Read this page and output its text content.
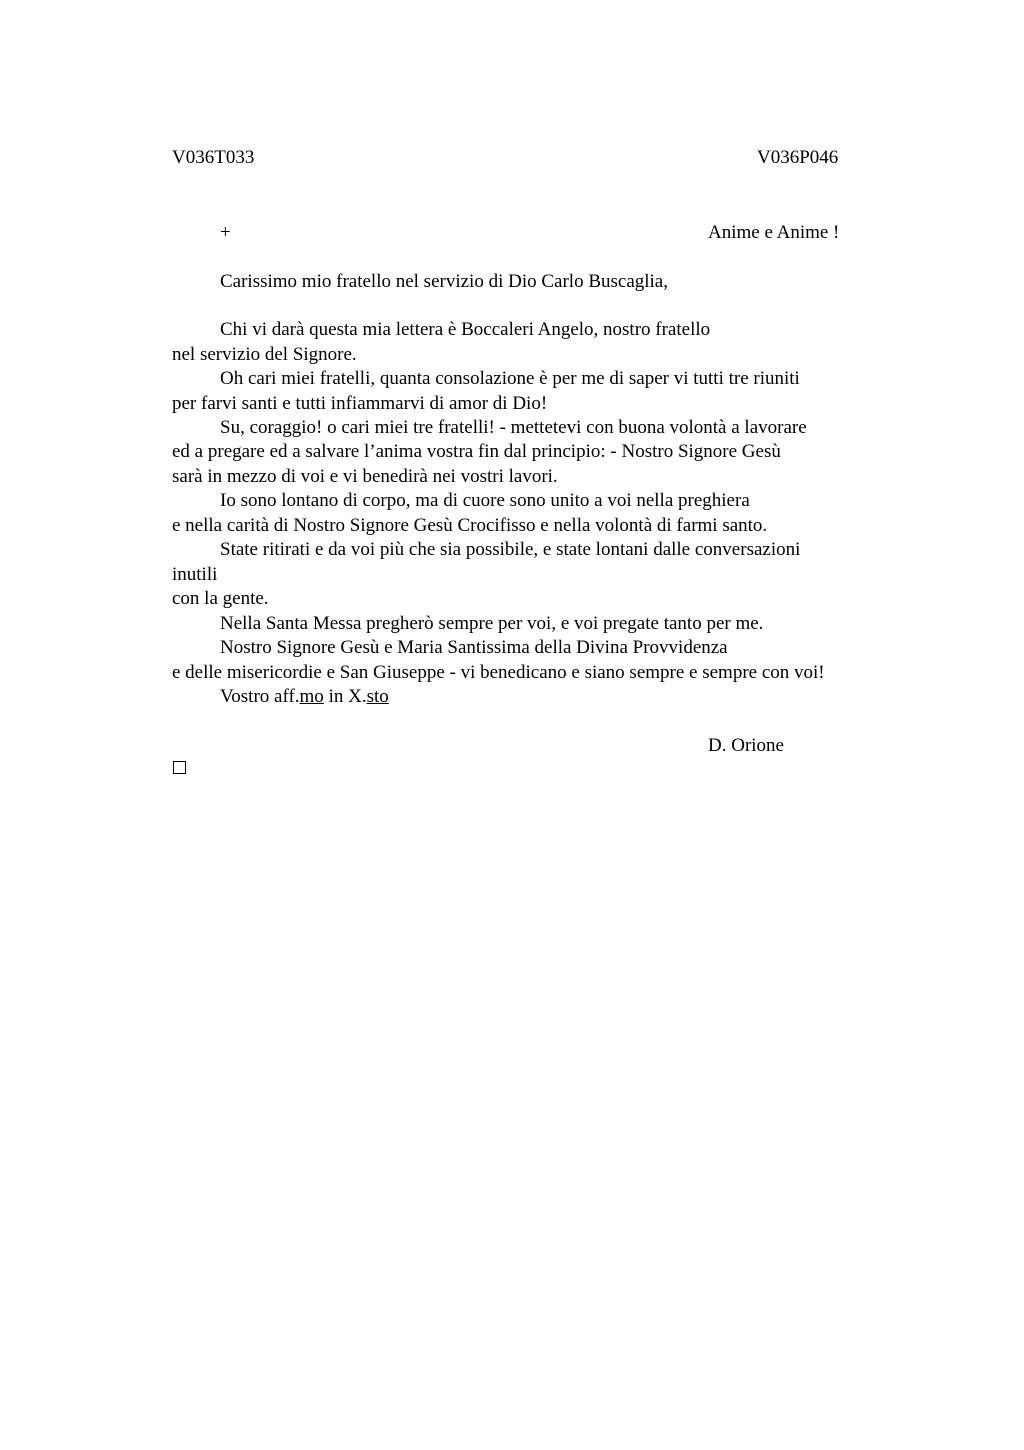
V036T033	V036P046
+	Anime e Anime !
Carissimo mio fratello nel servizio di Dio Carlo Buscaglia,
Chi vi darà questa mia lettera è Boccaleri Angelo, nostro fratello
nel servizio del Signore.
Oh cari miei fratelli, quanta consolazione è per me di saper vi tutti tre riuniti
per farvi santi e tutti infiammarvi di amor di Dio!
Su, coraggio! o cari miei tre fratelli! - mettetevi con buona volontà a lavorare
ed a pregare ed a salvare l’anima vostra fin dal principio: - Nostro Signore Gesù
sarà in mezzo di voi e vi benedirà nei vostri lavori.
Io sono lontano di corpo, ma di cuore sono unito a voi nella preghiera
e nella carità di Nostro Signore Gesù Crocifisso e nella volontà di farmi santo.
State ritirati e da voi più che sia possibile, e state lontani dalle conversazioni
inutili
con la gente.
Nella Santa Messa pregherò sempre per voi, e voi pregate tanto per me.
Nostro Signore Gesù e Maria Santissima della Divina Provvidenza
e delle misericordie e San Giuseppe - vi benedicano e siano sempre e sempre con voi!
Vostro aff.mo in X.sto
D. Orione
